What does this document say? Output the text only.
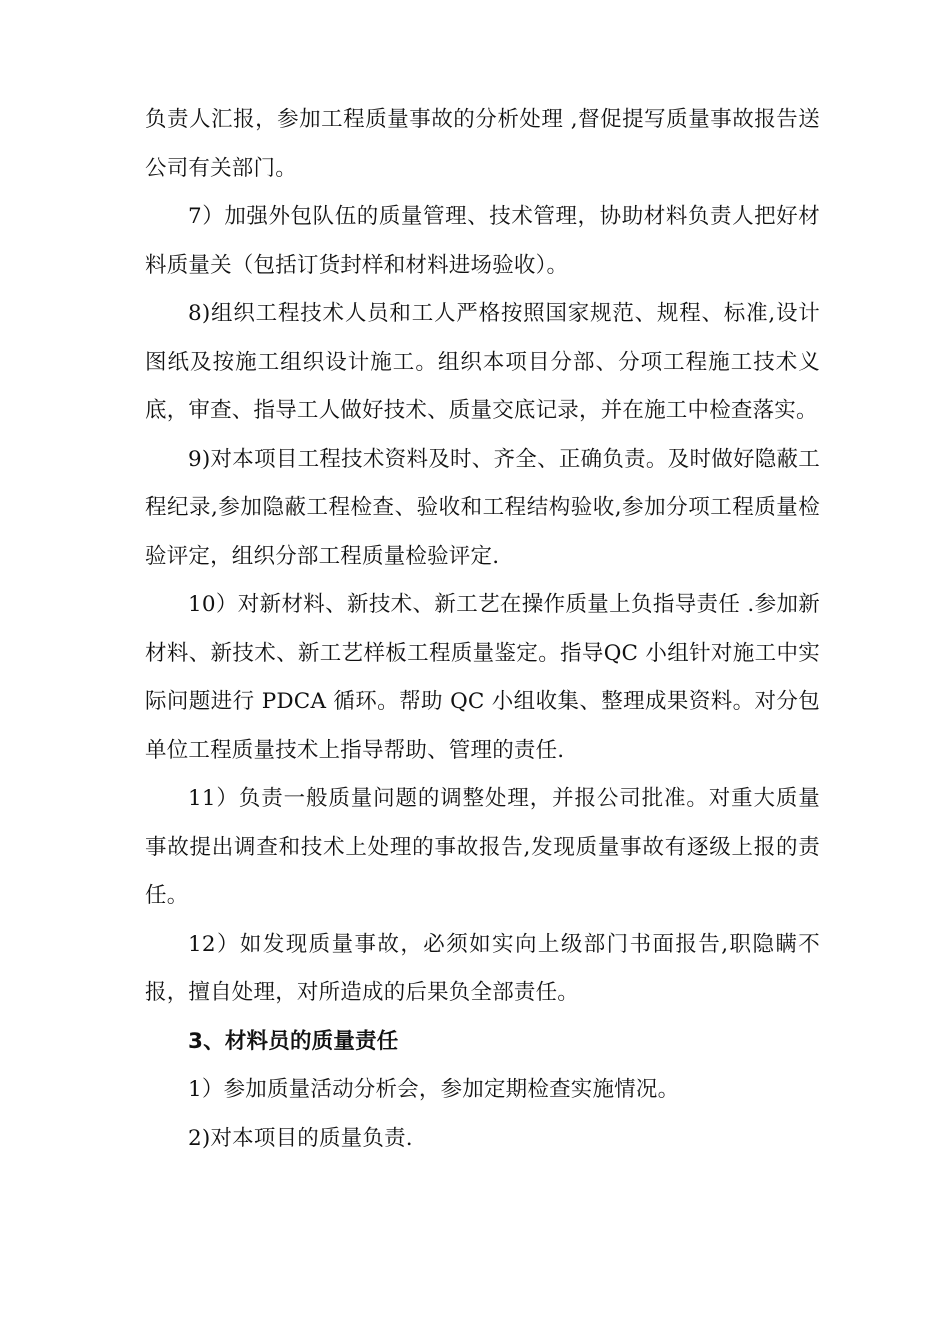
负责人汇报，参加工程质量事故的分析处理 ,督促提写质量事故报告送公司有关部门。

7）加强外包队伍的质量管理、技术管理，协助材料负责人把好材料质量关（包括订货封样和材料进场验收）。

8)组织工程技术人员和工人严格按照国家规范、规程、标准,设计图纸及按施工组织设计施工。组织本项目分部、分项工程施工技术义底，审查、指导工人做好技术、质量交底记录，并在施工中检查落实。

9)对本项目工程技术资料及时、齐全、正确负责。及时做好隐蔽工程纪录,参加隐蔽工程检查、验收和工程结构验收,参加分项工程质量检验评定，组织分部工程质量检验评定.

10）对新材料、新技术、新工艺在操作质量上负指导责任 .参加新材料、新技术、新工艺样板工程质量鉴定。指导QC 小组针对施工中实际问题进行 PDCA 循环。帮助 QC 小组收集、整理成果资料。对分包单位工程质量技术上指导帮助、管理的责任.

11）负责一般质量问题的调整处理，并报公司批准。对重大质量事故提出调查和技术上处理的事故报告,发现质量事故有逐级上报的责任。

12）如发现质量事故，必须如实向上级部门书面报告,职隐瞒不报，擅自处理，对所造成的后果负全部责任。

3、材料员的质量责任

1）参加质量活动分析会，参加定期检查实施情况。

2)对本项目的质量负责.
